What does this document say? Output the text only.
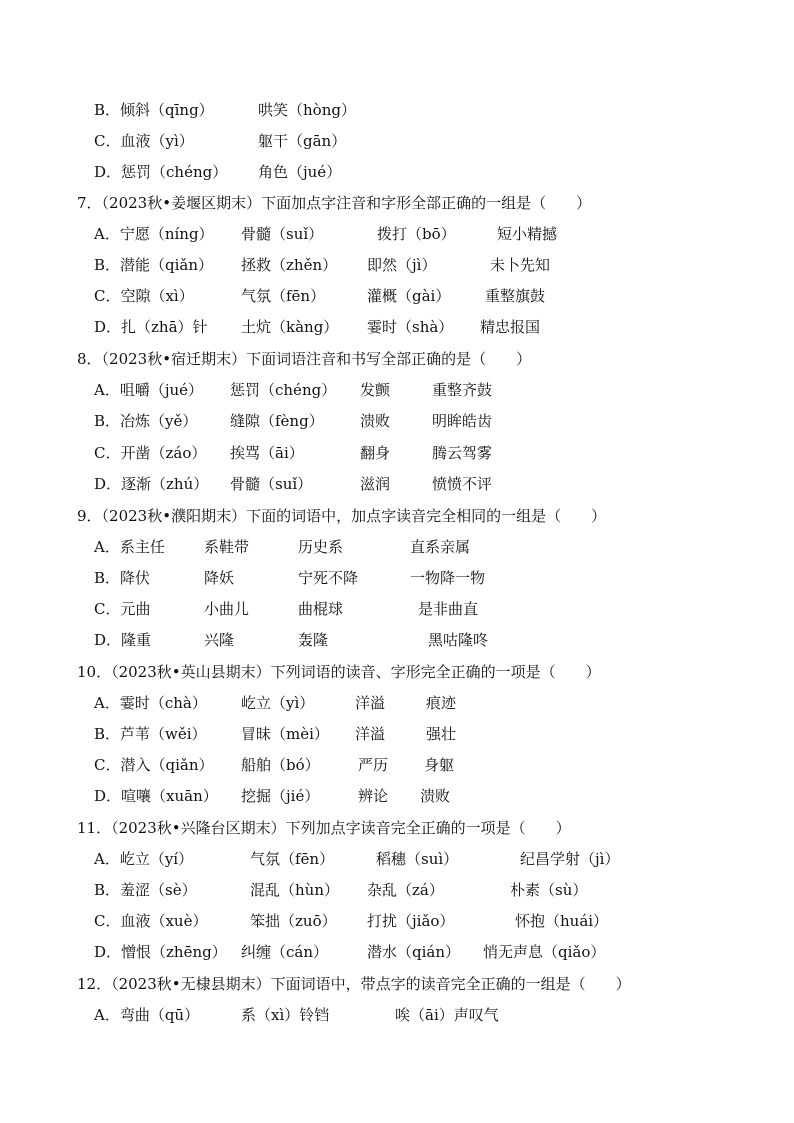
B．倾斜（qīng）	哄笑（hòng）
C．血液（yì）	躯干（gān）
D．惩罚（chéng） 角色（jué）
7．（2023秋•姜堰区期末）下面加点字注音和字形全部正确的一组是（　　）
A．宁愿（níng） 骨髓（suǐ）	拨打（bō）	短小精撼
B．潜能（qiǎn） 拯救（zhěn） 即然（jì）	未卜先知
C．空隙（xì）	气氛（fēn）	灌概（gài） 重整旗鼓
D．扎（zhā）针 土炕（kàng） 霎时（shà） 精忠报国
8．（2023秋•宿迁期末）下面词语注音和书写全部正确的是（　　）
A．咀嚼（jué） 惩罚（chéng） 发颤	重整齐鼓
B．冶炼（yě） 缝隙（fèng） 溃败	明眸皓齿
C．开凿（záo） 挨骂（āi）	翻身	腾云驾雾
D．逐渐（zhú） 骨髓（suǐ）	滋润	愤愤不评
9．（2023秋•濮阳期末）下面的词语中，加点字读音完全相同的一组是（　　）
A．系主任	系鞋带	历史系	直系亲属
B．降伏	降妖	宁死不降	一物降一物
C．元曲	小曲儿	曲棍球	是非曲直
D．隆重	兴隆	轰隆	黑咕隆咚
10．（2023秋•英山县期末）下列词语的读音、字形完全正确的一项是（　　）
A．霎时（chà） 屹立（yì）	洋溢	痕迹
B．芦苇（wěi） 冒昧（mèi） 洋溢	强壮
C．潜入（qiǎn） 船舶（bó）	严历 身躯
D．喧嚷（xuān） 挖掘（jié）	辨论 溃败
11．（2023秋•兴隆台区期末）下列加点字读音完全正确的一项是（　　）
A．屹立（yí）	气氛（fēn）	稻穗（suì）	纪昌学射（jì）
B．羞涩（sè）	混乱（hùn） 杂乱（zá）	朴素（sù）
C．血液（xuè）	笨拙（zuō） 打扰（jiǎo）	怀抱（huái）
D．憎恨（zhēng） 纠缠（cán）	潜水（qián） 悄无声息（qiǎo）
12．（2023秋•无棣县期末）下面词语中，带点字的读音完全正确的一组是（　　）
A．弯曲（qū）	系（xì）铃铛	唉（āi）声叹气
